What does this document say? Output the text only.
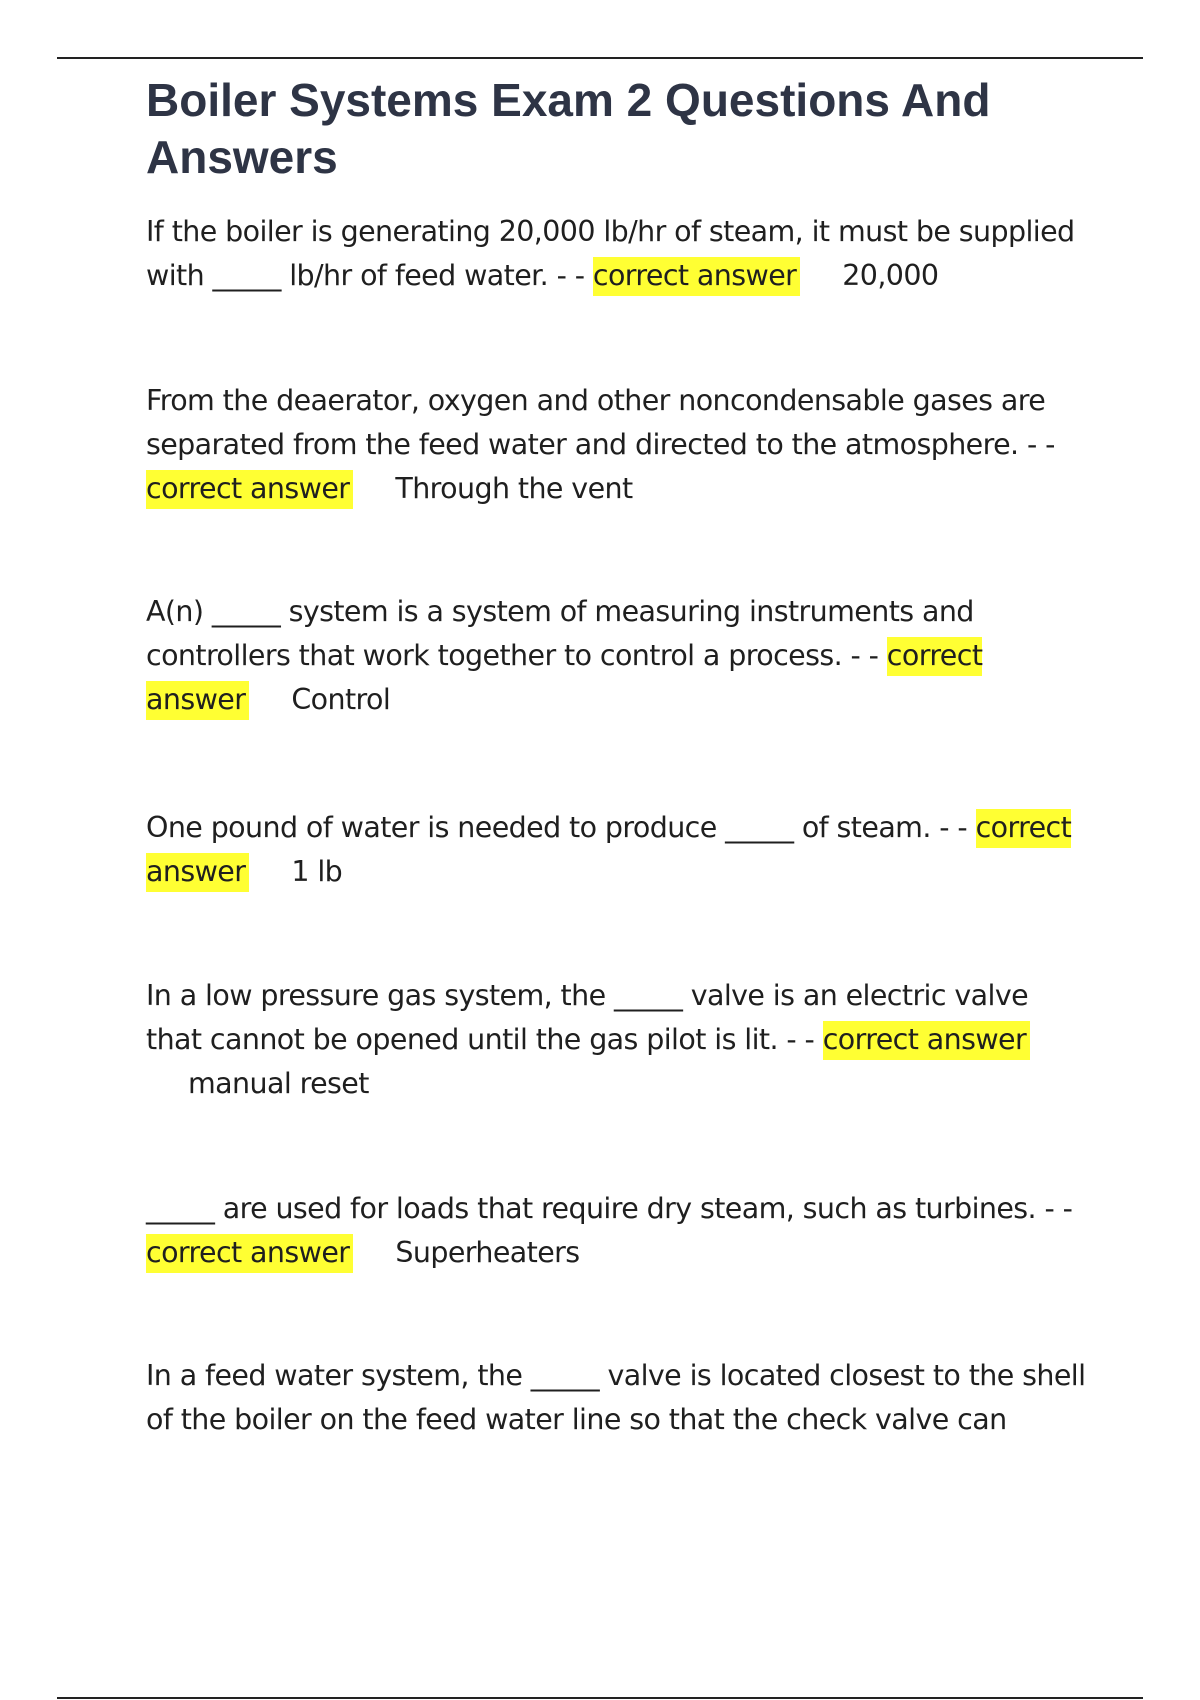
Boiler Systems Exam 2 Questions And Answers

If the boiler is generating 20,000 lb/hr of steam, it must be supplied with _____ lb/hr of feed water. - - correct answer 20,000

From the deaerator, oxygen and other noncondensable gases are separated from the feed water and directed to the atmosphere. - - correct answer Through the vent

A(n) _____ system is a system of measuring instruments and controllers that work together to control a process. - - correct answer Control

One pound of water is needed to produce _____ of steam. - - correct answer 1 lb

In a low pressure gas system, the _____ valve is an electric valve that cannot be opened until the gas pilot is lit. - - correct answer
manual reset

_____ are used for loads that require dry steam, such as turbines. - - correct answer Superheaters

In a feed water system, the _____ valve is located closest to the shell of the boiler on the feed water line so that the check valve can
